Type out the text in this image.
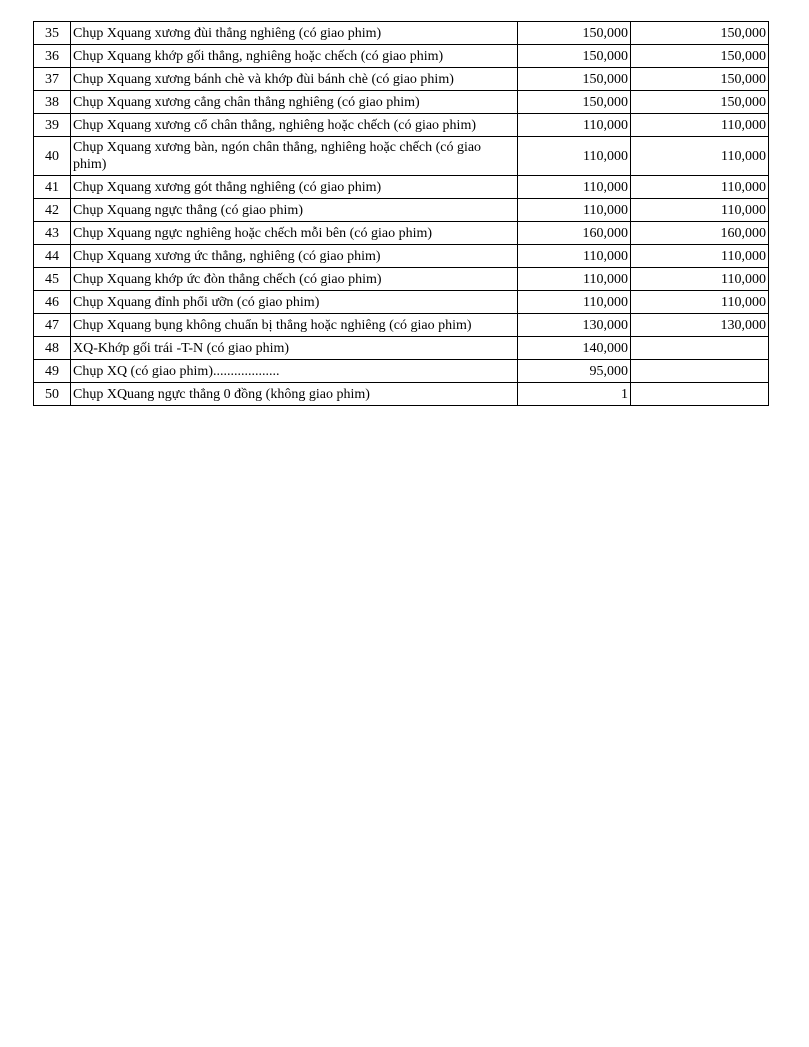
35	Chụp Xquang xương đùi thẳng nghiêng (có giao phim)	150,000	150,000
36	Chụp Xquang khớp gối thẳng, nghiêng hoặc chếch (có giao phim)	150,000	150,000
37	Chụp Xquang xương bánh chè và khớp đùi bánh chè (có giao phim)	150,000	150,000
38	Chụp Xquang xương cẳng chân thẳng nghiêng (có giao phim)	150,000	150,000
39	Chụp Xquang xương cổ chân thẳng, nghiêng hoặc chếch (có giao phim)	110,000	110,000
40	Chụp Xquang xương bàn, ngón chân thẳng, nghiêng hoặc chếch (có giao phim)	110,000	110,000
41	Chụp Xquang xương gót thẳng nghiêng (có giao phim)	110,000	110,000
42	Chụp Xquang ngực thẳng (có giao phim)	110,000	110,000
43	Chụp Xquang ngực nghiêng hoặc chếch mỗi bên (có giao phim)	160,000	160,000
44	Chụp Xquang xương ức thẳng, nghiêng (có giao phim)	110,000	110,000
45	Chụp Xquang khớp ức đòn thẳng chếch (có giao phim)	110,000	110,000
46	Chụp Xquang đỉnh phổi ưỡn (có giao phim)	110,000	110,000
47	Chụp Xquang bụng không chuẩn bị thẳng hoặc nghiêng (có giao phim)	130,000	130,000
48	XQ-Khớp gối trái -T-N (có giao phim)	140,000	
49	Chụp XQ (có giao phim)...................	95,000	
50	Chụp XQuang ngực thẳng 0 đồng (không giao phim)	1	
